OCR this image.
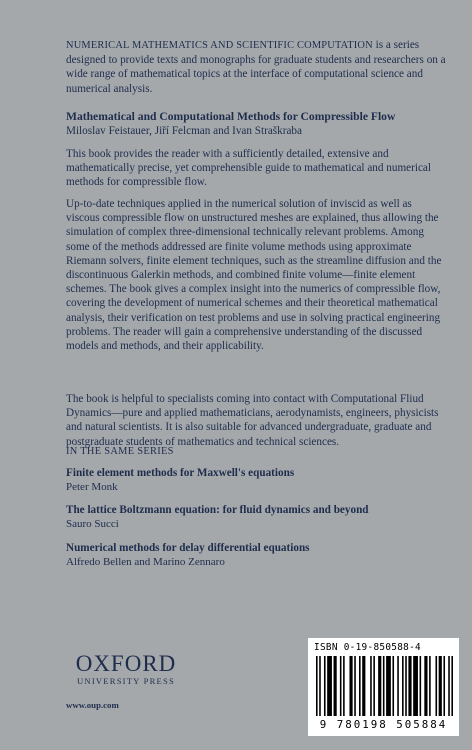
NUMERICAL MATHEMATICS AND SCIENTIFIC COMPUTATION is a series designed to provide texts and monographs for graduate students and researchers on a wide range of mathematical topics at the interface of computational science and numerical analysis.

Mathematical and Computational Methods for Compressible Flow

Miloslav Feistauer, Jiří Felcman and Ivan Straškraba

This book provides the reader with a sufficiently detailed, extensive and mathematically precise, yet comprehensible guide to mathematical and numerical methods for compressible flow.

Up-to-date techniques applied in the numerical solution of inviscid as well as viscous compressible flow on unstructured meshes are explained, thus allowing the simulation of complex three-dimensional technically relevant problems. Among some of the methods addressed are finite volume methods using approximate Riemann solvers, finite element techniques, such as the streamline diffusion and the discontinuous Galerkin methods, and combined finite volume—finite element schemes. The book gives a complex insight into the numerics of compressible flow, covering the development of numerical schemes and their theoretical mathematical analysis, their verification on test problems and use in solving practical engineering problems. The reader will gain a comprehensive understanding of the discussed models and methods, and their applicability.

The book is helpful to specialists coming into contact with Computational Fliud Dynamics—pure and applied mathematicians, aerodynamists, engineers, physicists and natural scientists. It is also suitable for advanced undergraduate, graduate and postgraduate students of mathematics and technical sciences.

IN THE SAME SERIES

Finite element methods for Maxwell's equations

Peter Monk

The lattice Boltzmann equation: for fluid dynamics and beyond

Sauro Succi

Numerical methods for delay differential equations

Alfredo Bellen and Marino Zennaro

OXFORD
UNIVERSITY PRESS
www.oup.com
ISBN 0-19-850588-4
9 780198 505884
